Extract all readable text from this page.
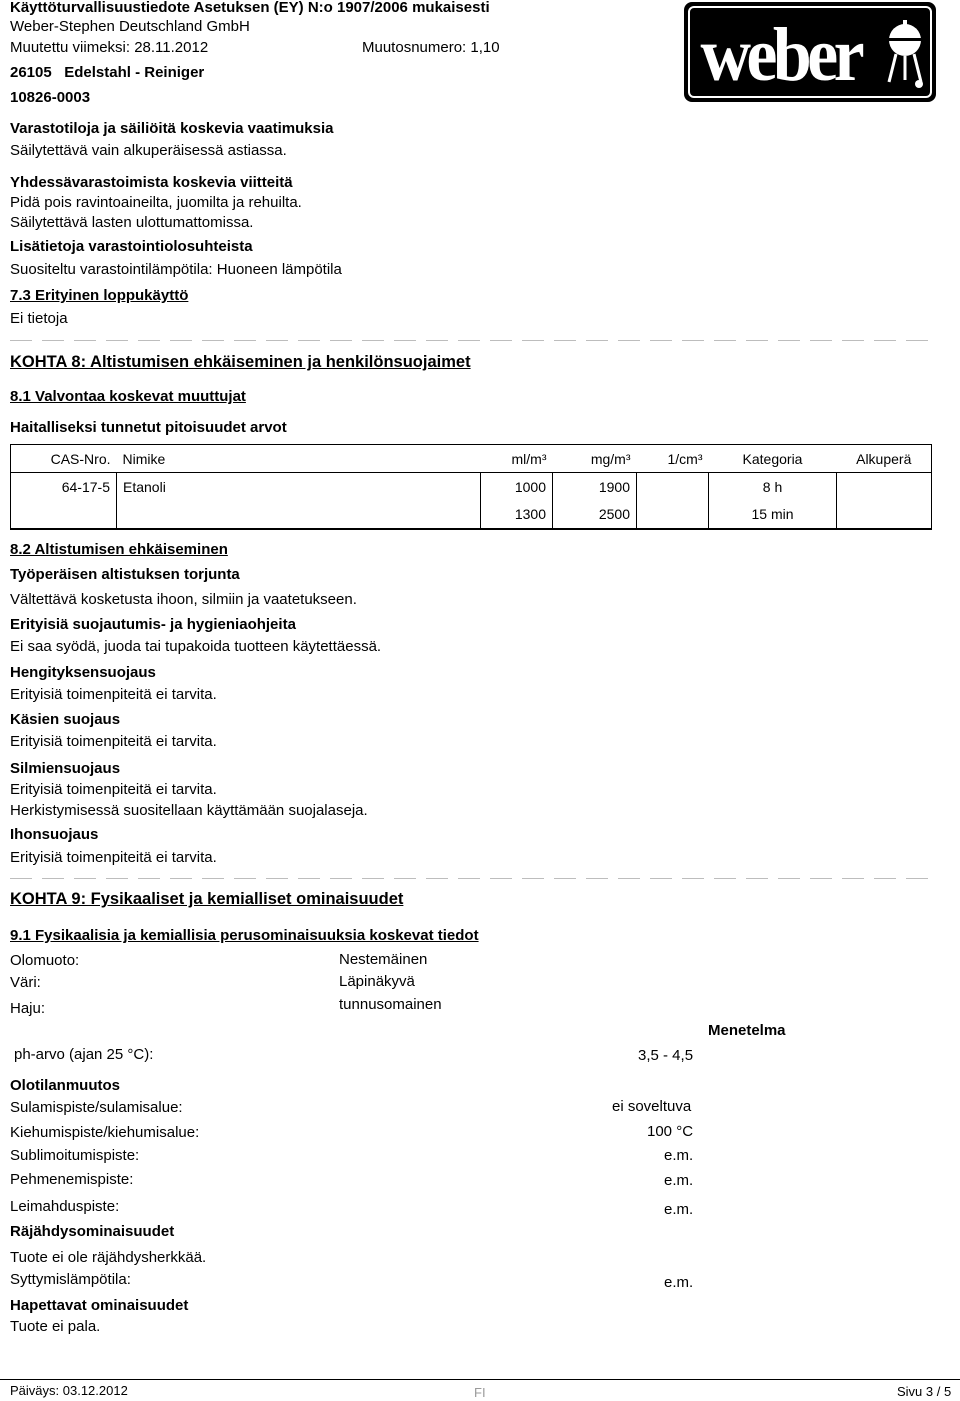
Käyttöturvallisuustiedote Asetuksen (EY) N:o 1907/2006 mukaisesti
Weber-Stephen Deutschland GmbH
Muutettu viimeksi: 28.11.2012	Muutosnumero: 1,10
26105   Edelstahl - Reiniger
10826-0003
weber
Varastotiloja ja säiliöitä koskevia vaatimuksia
Säilytettävä vain alkuperäisessä astiassa.
Yhdessävarastoimista koskevia viitteitä
Pidä pois ravintoaineilta, juomilta ja rehuilta.
Säilytettävä lasten ulottumattomissa.
Lisätietoja varastointiolosuhteista
Suositeltu varastointilämpötila: Huoneen lämpötila
7.3 Erityinen loppukäyttö
Ei tietoja
KOHTA 8: Altistumisen ehkäiseminen ja henkilönsuojaimet
8.1 Valvontaa koskevat muuttujat
Haitalliseksi tunnetut pitoisuudet arvot
CAS-Nro.	Nimike	ml/m³	mg/m³	1/cm³	Kategoria	Alkuperä
64-17-5	Etanoli	1000	1900		8 h	
		1300	2500		15 min	
8.2 Altistumisen ehkäiseminen
Työperäisen altistuksen torjunta
Vältettävä kosketusta ihoon, silmiin ja vaatetukseen.
Erityisiä suojautumis- ja hygieniaohjeita
Ei saa syödä, juoda tai tupakoida tuotteen käytettäessä.
Hengityksensuojaus
Erityisiä toimenpiteitä ei tarvita.
Käsien suojaus
Erityisiä toimenpiteitä ei tarvita.
Silmiensuojaus
Erityisiä toimenpiteitä ei tarvita.
Herkistymisessä suositellaan käyttämään suojalaseja.
Ihonsuojaus
Erityisiä toimenpiteitä ei tarvita.
KOHTA 9: Fysikaaliset ja kemialliset ominaisuudet
9.1 Fysikaalisia ja kemiallisia perusominaisuuksia koskevat tiedot
Olomuoto:	Nestemäinen
Väri:	Läpinäkyvä
Haju:	tunnusomainen
Menetelma
ph-arvo (ajan 25 °C):	3,5 - 4,5
Olotilanmuutos
Sulamispiste/sulamisalue:	ei soveltuva
Kiehumispiste/kiehumisalue:	100 °C
Sublimoitumispiste:	e.m.
Pehmenemispiste:	e.m.
Leimahduspiste:	e.m.
Räjähdysominaisuudet
Tuote ei ole räjähdysherkkää.
Syttymislämpötila:	e.m.
Hapettavat ominaisuudet
Tuote ei pala.
Päiväys: 03.12.2012	FI	Sivu 3 / 5
